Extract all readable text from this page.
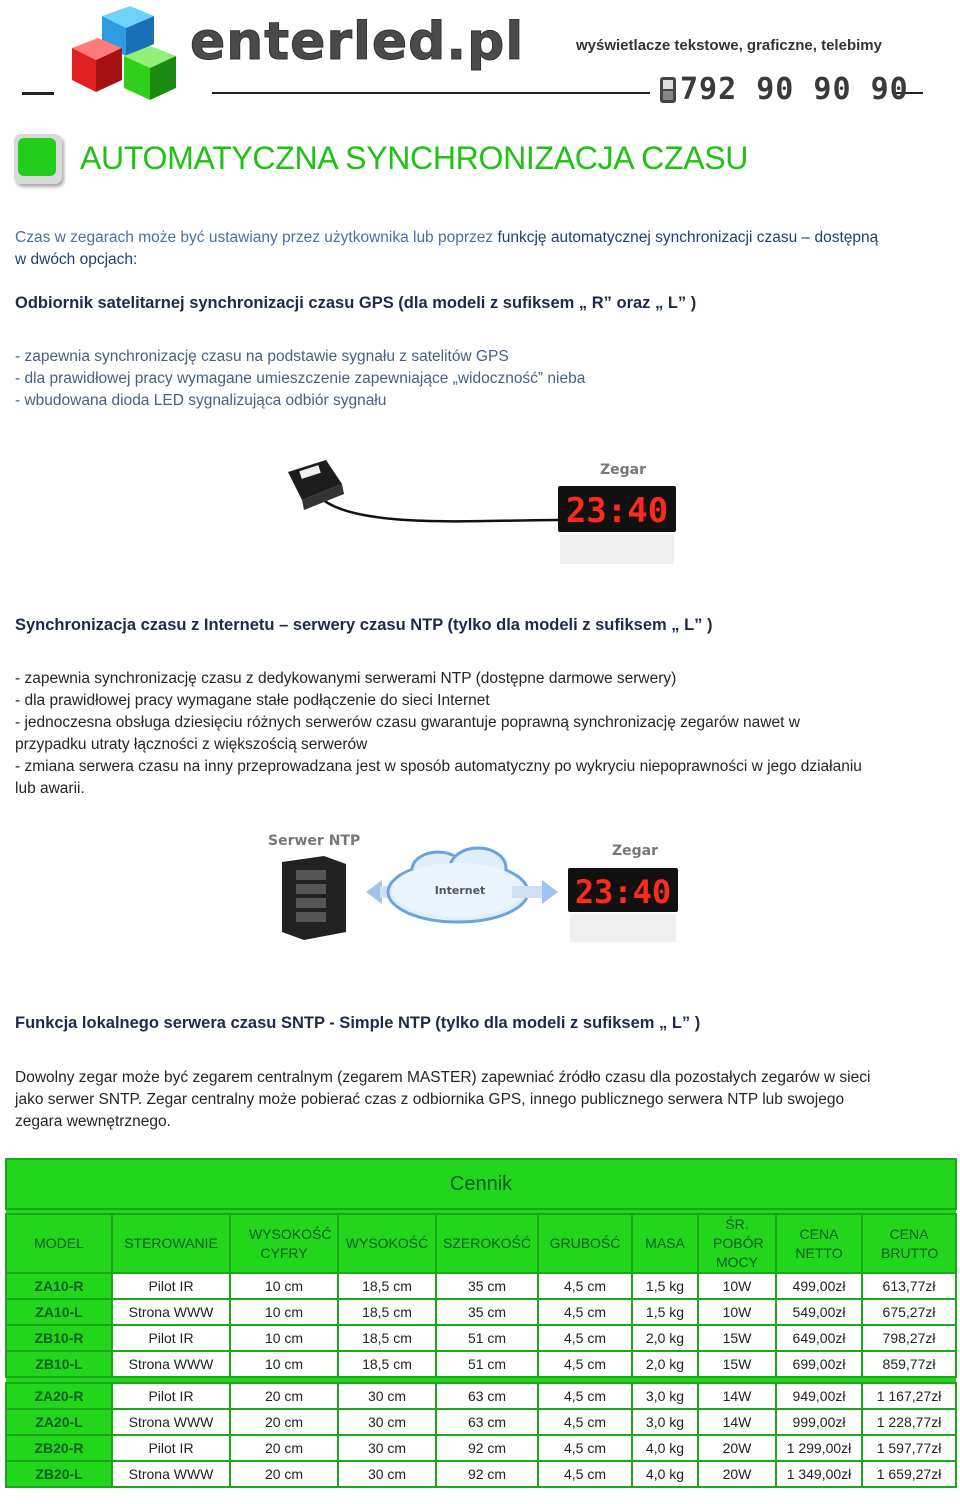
enterled.pl	wyświetlacze tekstowe, graficzne, telebimy
792 90 90 90
AUTOMATYCZNA SYNCHRONIZACJA CZASU
Czas w zegarach może być ustawiany przez użytkownika lub poprzez funkcję automatycznej synchronizacji czasu – dostępną
w dwóch opcjach:
Odbiornik satelitarnej synchronizacji czasu GPS (dla modeli z sufiksem „ R” oraz „ L” )
- zapewnia synchronizację czasu na podstawie sygnału z satelitów GPS
- dla prawidłowej pracy wymagane umieszczenie zapewniające „widoczność” nieba
- wbudowana dioda LED sygnalizująca odbiór sygnału
Zegar
23:40
Synchronizacja czasu z Internetu – serwery czasu NTP (tylko dla modeli z sufiksem „ L” )
- zapewnia synchronizację czasu z dedykowanymi serwerami NTP (dostępne darmowe serwery)
- dla prawidłowej pracy wymagane stałe podłączenie do sieci Internet
- jednoczesna obsługa dziesięciu różnych serwerów czasu gwarantuje poprawną synchronizację zegarów nawet w
przypadku utraty łączności z większością serwerów
- zmiana serwera czasu na inny przeprowadzana jest w sposób automatyczny po wykryciu niepoprawności w jego działaniu
lub awarii.
Serwer NTP
Internet
Zegar
23:40
Funkcja lokalnego serwera czasu SNTP - Simple NTP (tylko dla modeli z sufiksem „ L” )
Dowolny zegar może być zegarem centralnym (zegarem MASTER) zapewniać źródło czasu dla pozostałych zegarów w sieci
jako serwer SNTP. Zegar centralny może pobierać czas z odbiornika GPS, innego publicznego serwera NTP lub swojego
zegara wewnętrznego.
Cennik									

MODEL	STEROWANIE	WYSOKOŚĆ CYFRY	WYSOKOŚĆ	SZEROKOŚĆ	GRUBOŚĆ	MASA	ŚR. POBÓR MOCY	CENA NETTO	CENA BRUTTO
ZA10-R	Pilot IR	10 cm	18,5 cm	35 cm	4,5 cm	1,5 kg	10W	499,00zł	613,77zł
ZA10-L	Strona WWW	10 cm	18,5 cm	35 cm	4,5 cm	1,5 kg	10W	549,00zł	675,27zł
ZB10-R	Pilot IR	10 cm	18,5 cm	51 cm	4,5 cm	2,0 kg	15W	649,00zł	798,27zł
ZB10-L	Strona WWW	10 cm	18,5 cm	51 cm	4,5 cm	2,0 kg	15W	699,00zł	859,77zł

ZA20-R	Pilot IR	20 cm	30 cm	63 cm	4,5 cm	3,0 kg	14W	949,00zł	1 167,27zł
ZA20-L	Strona WWW	20 cm	30 cm	63 cm	4,5 cm	3,0 kg	14W	999,00zł	1 228,77zł
ZB20-R	Pilot IR	20 cm	30 cm	92 cm	4,5 cm	4,0 kg	20W	1 299,00zł	1 597,77zł
ZB20-L	Strona WWW	20 cm	30 cm	92 cm	4,5 cm	4,0 kg	20W	1 349,00zł	1 659,27zł
